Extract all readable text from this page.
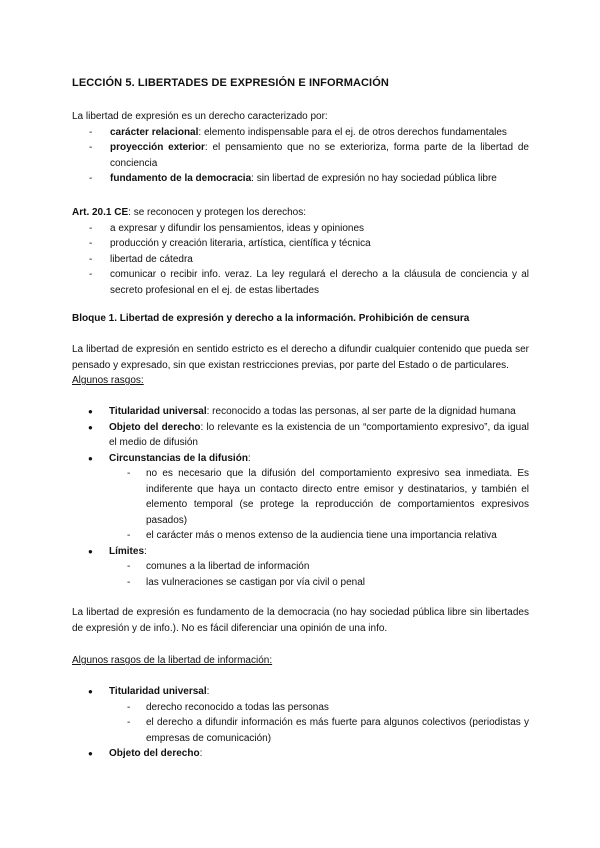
LECCIÓN 5. LIBERTADES DE EXPRESIÓN E INFORMACIÓN
La libertad de expresión es un derecho caracterizado por:
- carácter relacional: elemento indispensable para el ej. de otros derechos fundamentales
- proyección exterior: el pensamiento que no se exterioriza, forma parte de la libertad de conciencia
- fundamento de la democracia: sin libertad de expresión no hay sociedad pública libre
Art. 20.1 CE: se reconocen y protegen los derechos:
- a expresar y difundir los pensamientos, ideas y opiniones
- producción y creación literaria, artística, científica y técnica
- libertad de cátedra
- comunicar o recibir info. veraz. La ley regulará el derecho a la cláusula de conciencia y al secreto profesional en el ej. de estas libertades
Bloque 1. Libertad de expresión y derecho a la información. Prohibición de censura
La libertad de expresión en sentido estricto es el derecho a difundir cualquier contenido que pueda ser pensado y expresado, sin que existan restricciones previas, por parte del Estado o de particulares.
Algunos rasgos:
● Titularidad universal: reconocido a todas las personas, al ser parte de la dignidad humana
● Objeto del derecho: lo relevante es la existencia de un “comportamiento expresivo”, da igual el medio de difusión
● Circunstancias de la difusión:
- no es necesario que la difusión del comportamiento expresivo sea inmediata. Es indiferente que haya un contacto directo entre emisor y destinatarios, y también el elemento temporal (se protege la reproducción de comportamientos expresivos pasados)
- el carácter más o menos extenso de la audiencia tiene una importancia relativa
● Límites:
- comunes a la libertad de información
- las vulneraciones se castigan por vía civil o penal
La libertad de expresión es fundamento de la democracia (no hay sociedad pública libre sin libertades de expresión y de info.). No es fácil diferenciar una opinión de una info.
Algunos rasgos de la libertad de información:
● Titularidad universal:
- derecho reconocido a todas las personas
- el derecho a difundir información es más fuerte para algunos colectivos (periodistas y empresas de comunicación)
● Objeto del derecho:
